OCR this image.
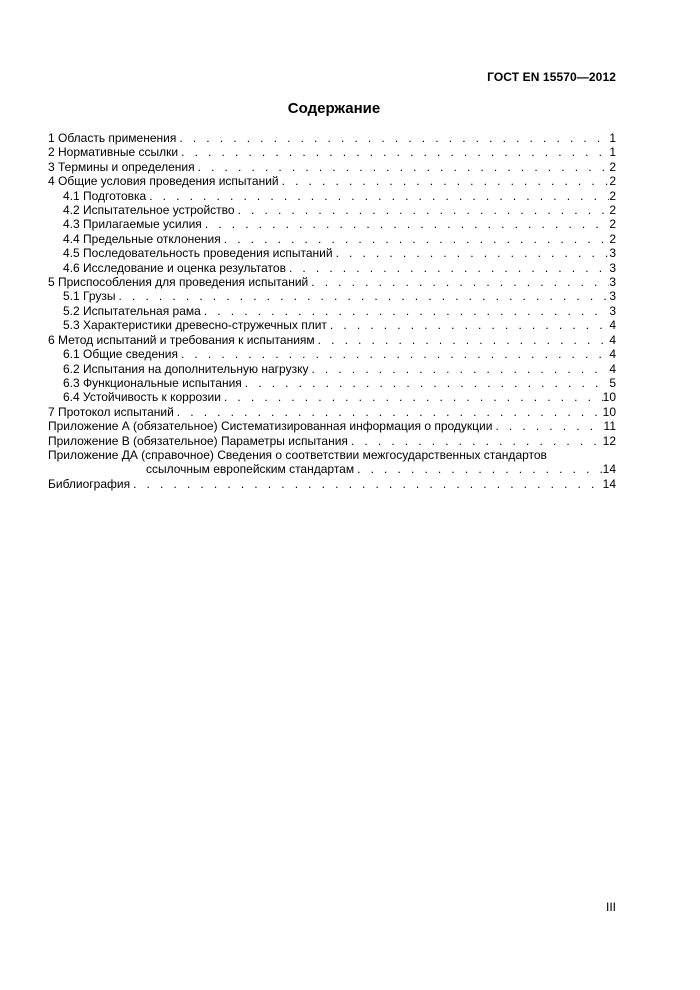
ГОСТ EN 15570—2012
Содержание
1 Область применения . . .	1
2 Нормативные ссылки . . .	1
3 Термины и определения . . .	2
4 Общие условия проведения испытаний . . .	2
4.1 Подготовка . . .	2
4.2 Испытательное устройство . . .	2
4.3 Прилагаемые усилия . . .	2
4.4 Предельные отклонения . . .	2
4.5 Последовательность проведения испытаний . . .	3
4.6 Исследование и оценка результатов . . .	3
5 Приспособления для проведения испытаний . . .	3
5.1 Грузы . . .	3
5.2 Испытательная рама . . .	3
5.3 Характеристики древесно-стружечных плит . . .	4
6 Метод испытаний и требования к испытаниям . . .	4
6.1 Общие сведения . . .	4
6.2 Испытания на дополнительную нагрузку . . .	4
6.3 Функциональные испытания . . .	5
6.4 Устойчивость к коррозии . . .	10
7 Протокол испытаний . . .	10
Приложение А (обязательное) Систематизированная информация о продукции . . .	11
Приложение В (обязательное) Параметры испытания . . .	12
Приложение ДА (справочное) Сведения о соответствии межгосударственных стандартов
ссылочным европейским стандартам . . .	14
Библиография . . .	14
III
